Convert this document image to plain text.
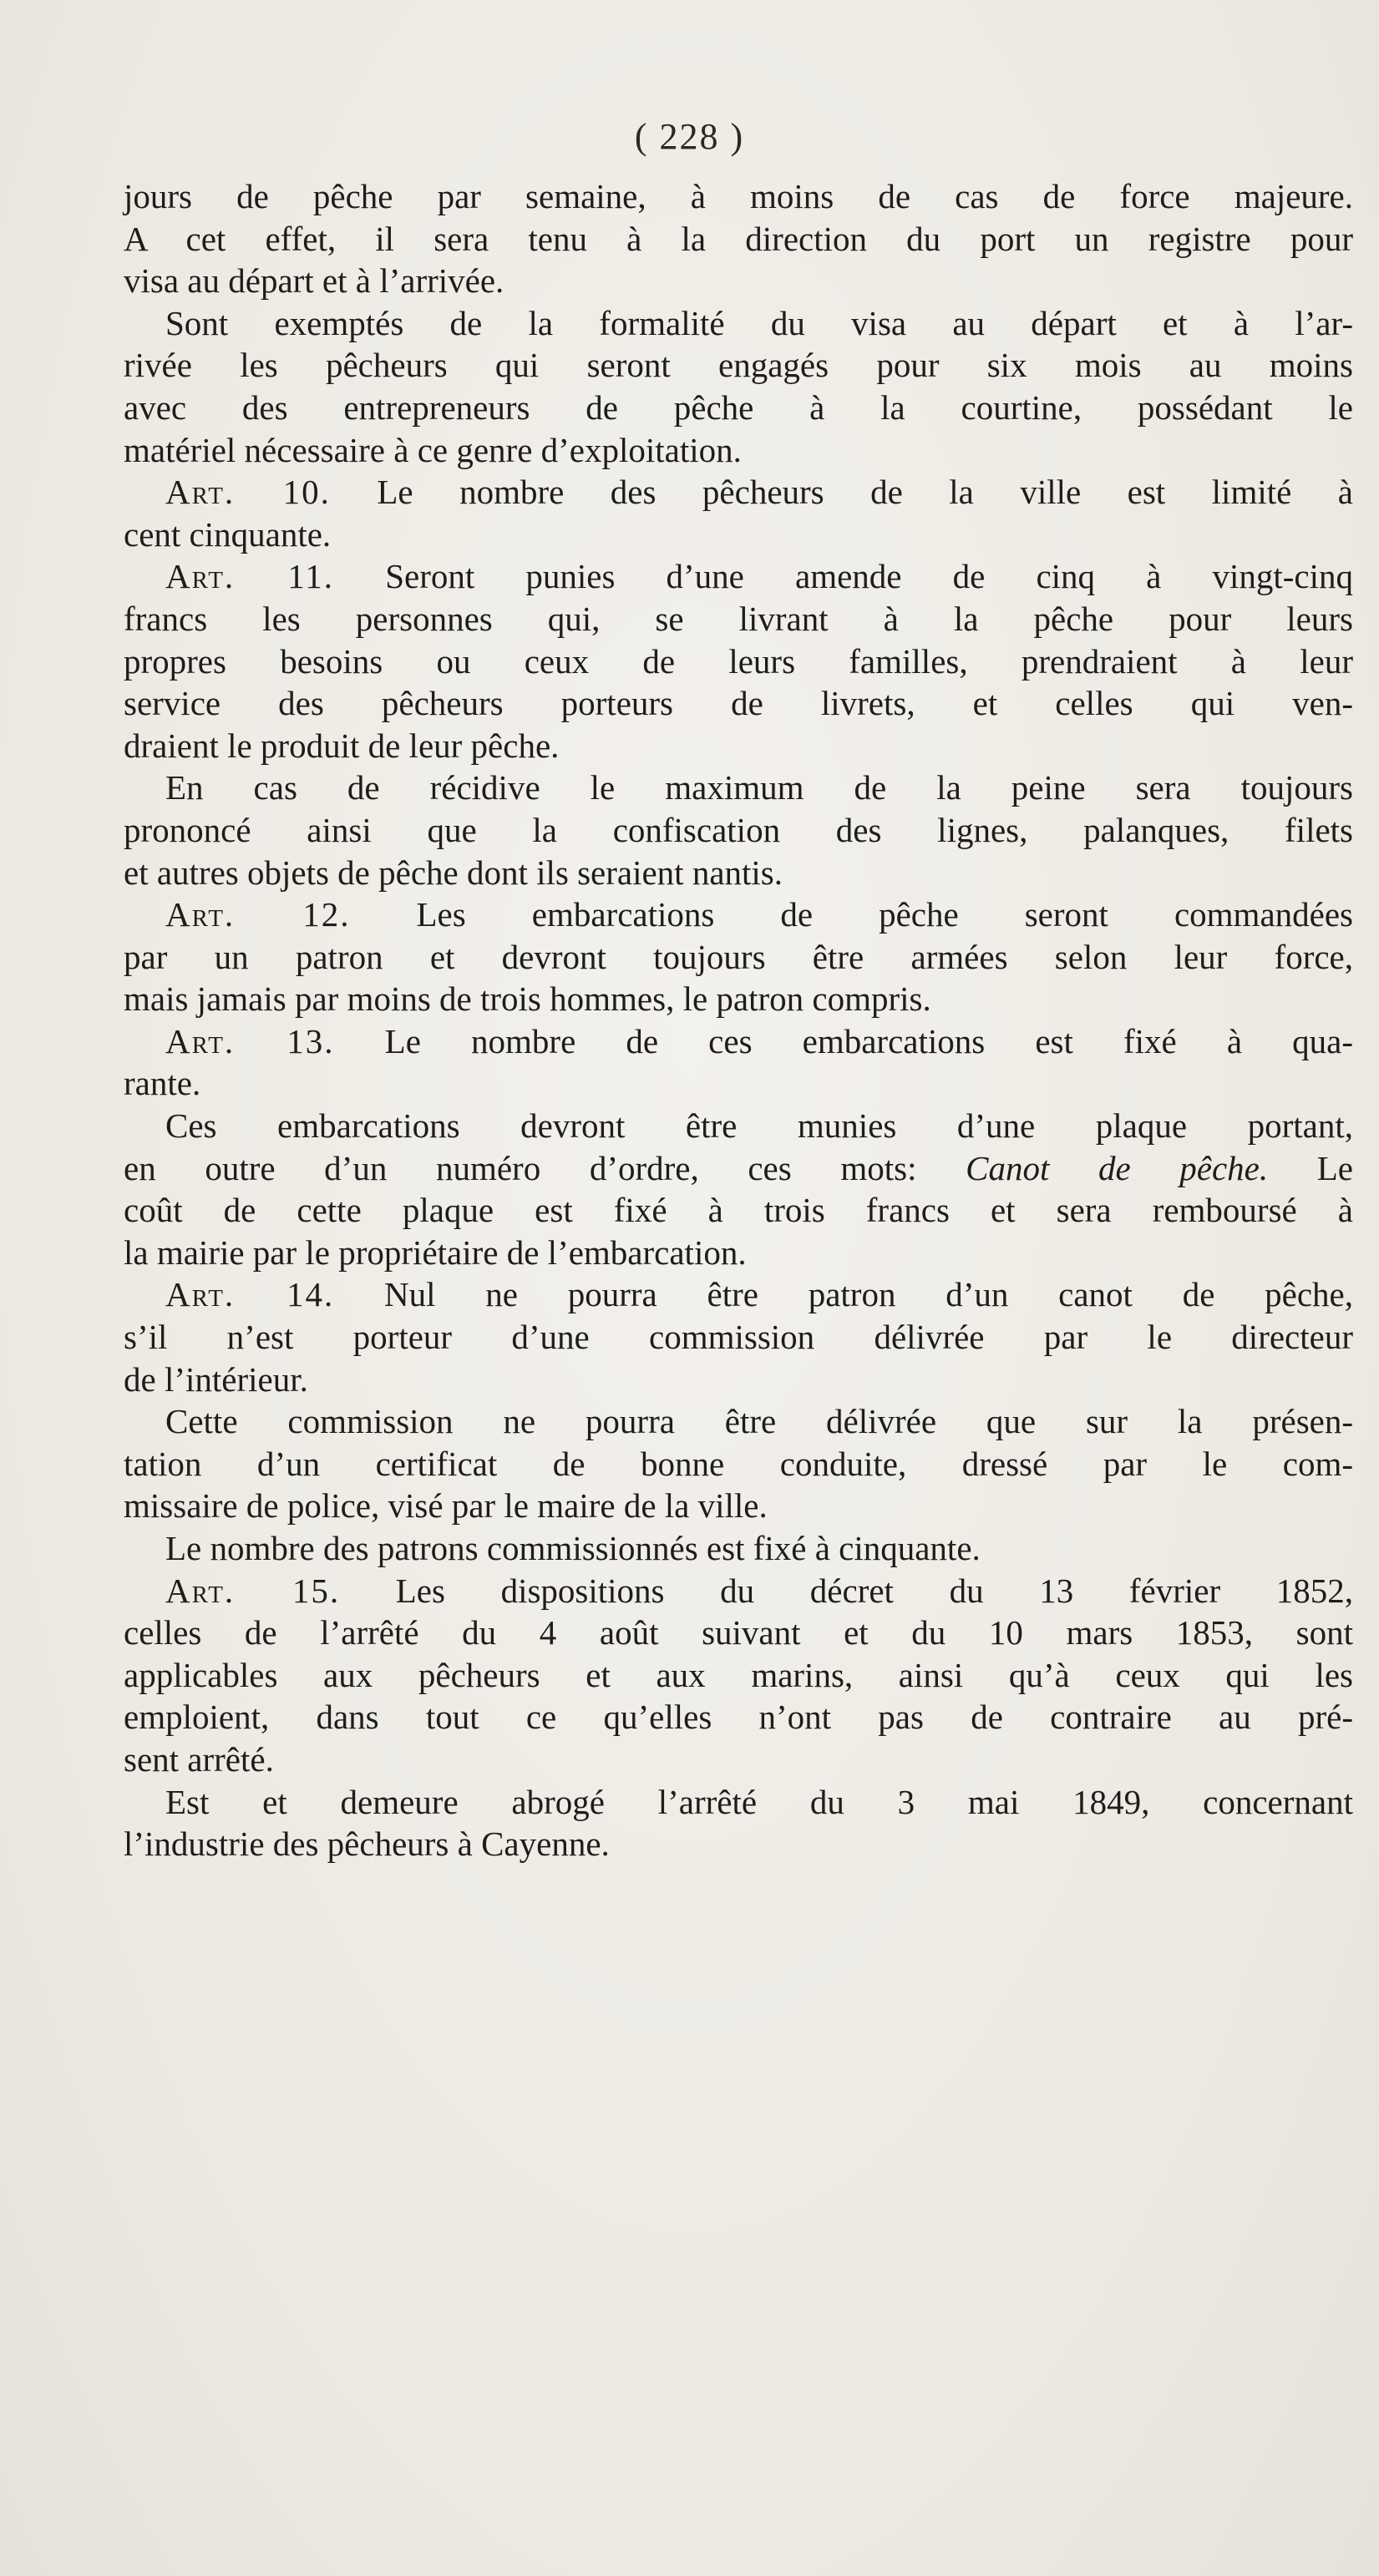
( 228 )
jours de pêche par semaine, à moins de cas de force majeure.
A cet effet, il sera tenu à la direction du port un registre pour
visa au départ et à l’arrivée.
Sont exemptés de la formalité du visa au départ et à l’ar-
rivée les pêcheurs qui seront engagés pour six mois au moins
avec des entrepreneurs de pêche à la courtine, possédant le
matériel nécessaire à ce genre d’exploitation.
Art. 10. Le nombre des pêcheurs de la ville est limité à
cent cinquante.
Art. 11. Seront punies d’une amende de cinq à vingt-cinq
francs les personnes qui, se livrant à la pêche pour leurs
propres besoins ou ceux de leurs familles, prendraient à leur
service des pêcheurs porteurs de livrets, et celles qui ven-
draient le produit de leur pêche.
En cas de récidive le maximum de la peine sera toujours
prononcé ainsi que la confiscation des lignes, palanques, filets
et autres objets de pêche dont ils seraient nantis.
Art. 12. Les embarcations de pêche seront commandées
par un patron et devront toujours être armées selon leur force,
mais jamais par moins de trois hommes, le patron compris.
Art. 13. Le nombre de ces embarcations est fixé à qua-
rante.
Ces embarcations devront être munies d’une plaque portant,
en outre d’un numéro d’ordre, ces mots: Canot de pêche. Le
coût de cette plaque est fixé à trois francs et sera remboursé à
la mairie par le propriétaire de l’embarcation.
Art. 14. Nul ne pourra être patron d’un canot de pêche,
s’il n’est porteur d’une commission délivrée par le directeur
de l’intérieur.
Cette commission ne pourra être délivrée que sur la présen-
tation d’un certificat de bonne conduite, dressé par le com-
missaire de police, visé par le maire de la ville.
Le nombre des patrons commissionnés est fixé à cinquante.
Art. 15. Les dispositions du décret du 13 février 1852,
celles de l’arrêté du 4 août suivant et du 10 mars 1853, sont
applicables aux pêcheurs et aux marins, ainsi qu’à ceux qui les
emploient, dans tout ce qu’elles n’ont pas de contraire au pré-
sent arrêté.
Est et demeure abrogé l’arrêté du 3 mai 1849, concernant
l’industrie des pêcheurs à Cayenne.
